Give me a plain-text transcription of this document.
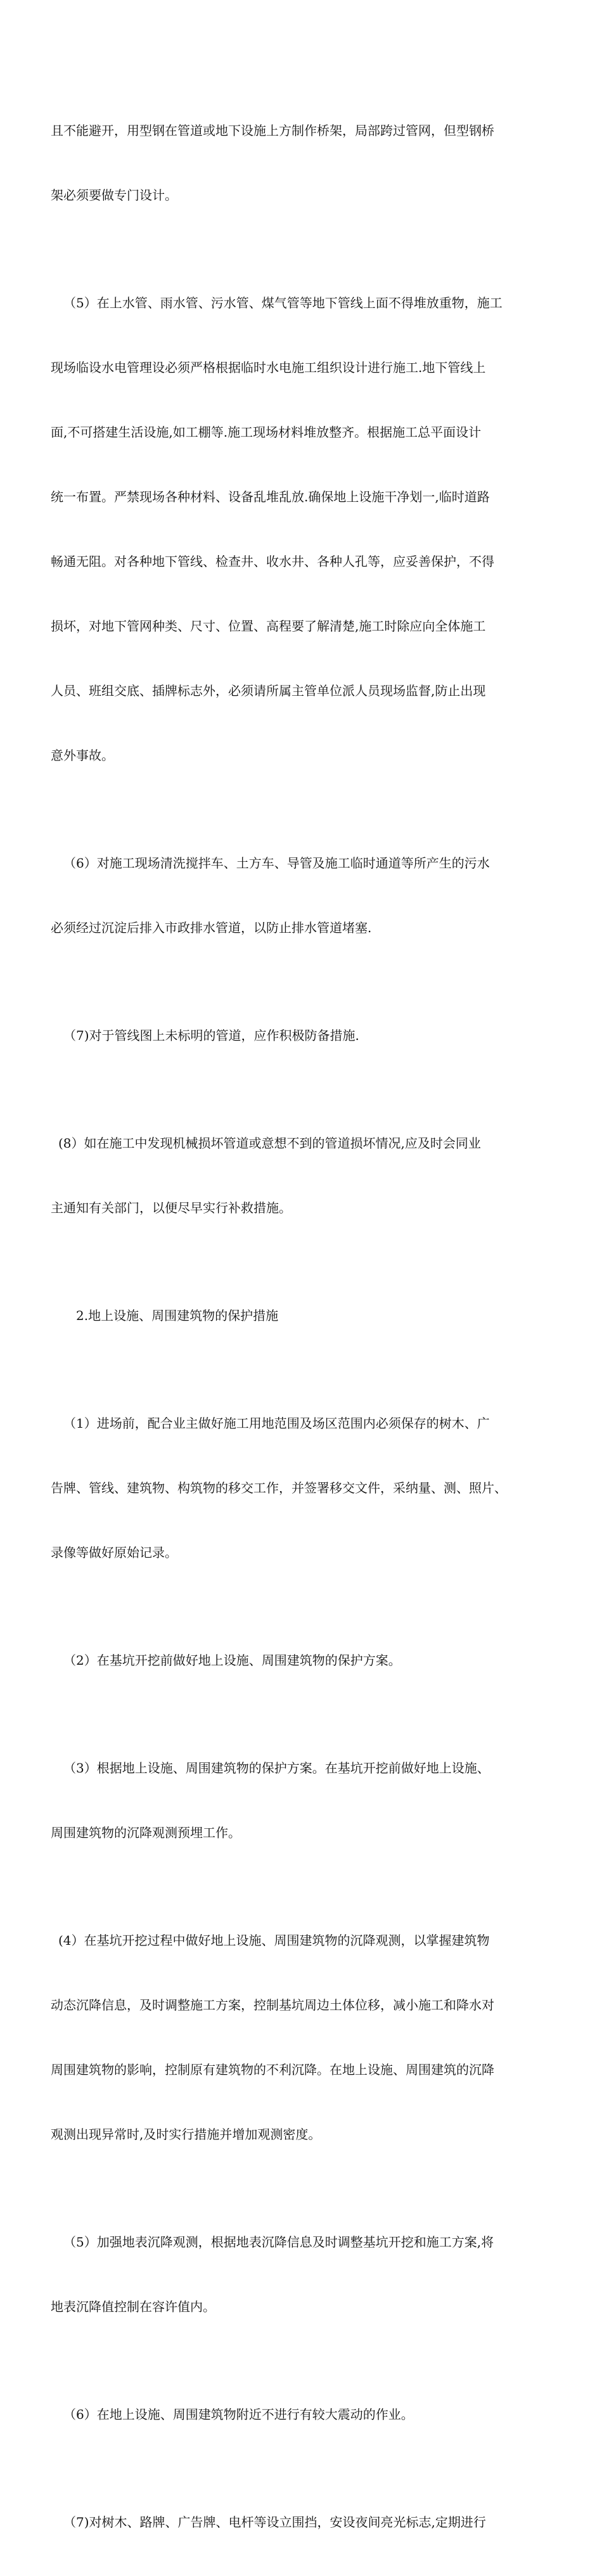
且不能避开，用型钢在管道或地下设施上方制作桥架，局部跨过管网，但型钢桥

架必须要做专门设计。

（5）在上水管、雨水管、污水管、煤气管等地下管线上面不得堆放重物，施工

现场临设水电管理设必须严格根据临时水电施工组织设计进行施工.地下管线上

面,不可搭建生活设施,如工棚等.施工现场材料堆放整齐。根据施工总平面设计

统一布置。严禁现场各种材料、设备乱堆乱放.确保地上设施干净划一,临时道路

畅通无阻。对各种地下管线、检查井、收水井、各种人孔等，应妥善保护，不得

损坏，对地下管网种类、尺寸、位置、高程要了解清楚,施工时除应向全体施工

人员、班组交底、插牌标志外，必须请所属主管单位派人员现场监督,防止出现

意外事故。

（6）对施工现场清洗搅拌车、土方车、导管及施工临时通道等所产生的污水

必须经过沉淀后排入市政排水管道，以防止排水管道堵塞.

（7)对于管线图上未标明的管道，应作积极防备措施.

(8）如在施工中发现机械损坏管道或意想不到的管道损坏情况,应及时会同业

主通知有关部门，以便尽早实行补救措施。

2.地上设施、周围建筑物的保护措施

（1）进场前，配合业主做好施工用地范围及场区范围内必须保存的树木、广

告牌、管线、建筑物、构筑物的移交工作，并签署移交文件，采纳量、测、照片、

录像等做好原始记录。

（2）在基坑开挖前做好地上设施、周围建筑物的保护方案。

（3）根据地上设施、周围建筑物的保护方案。在基坑开挖前做好地上设施、

周围建筑物的沉降观测预埋工作。

(4）在基坑开挖过程中做好地上设施、周围建筑物的沉降观测，以掌握建筑物

动态沉降信息，及时调整施工方案，控制基坑周边土体位移，减小施工和降水对

周围建筑物的影响，控制原有建筑物的不利沉降。在地上设施、周围建筑的沉降

观测出现异常时,及时实行措施并增加观测密度。

（5）加强地表沉降观测，根据地表沉降信息及时调整基坑开挖和施工方案,将

地表沉降值控制在容许值内。

（6）在地上设施、周围建筑物附近不进行有较大震动的作业。

（7)对树木、路牌、广告牌、电杆等设立围挡，安设夜间亮光标志,定期进行
